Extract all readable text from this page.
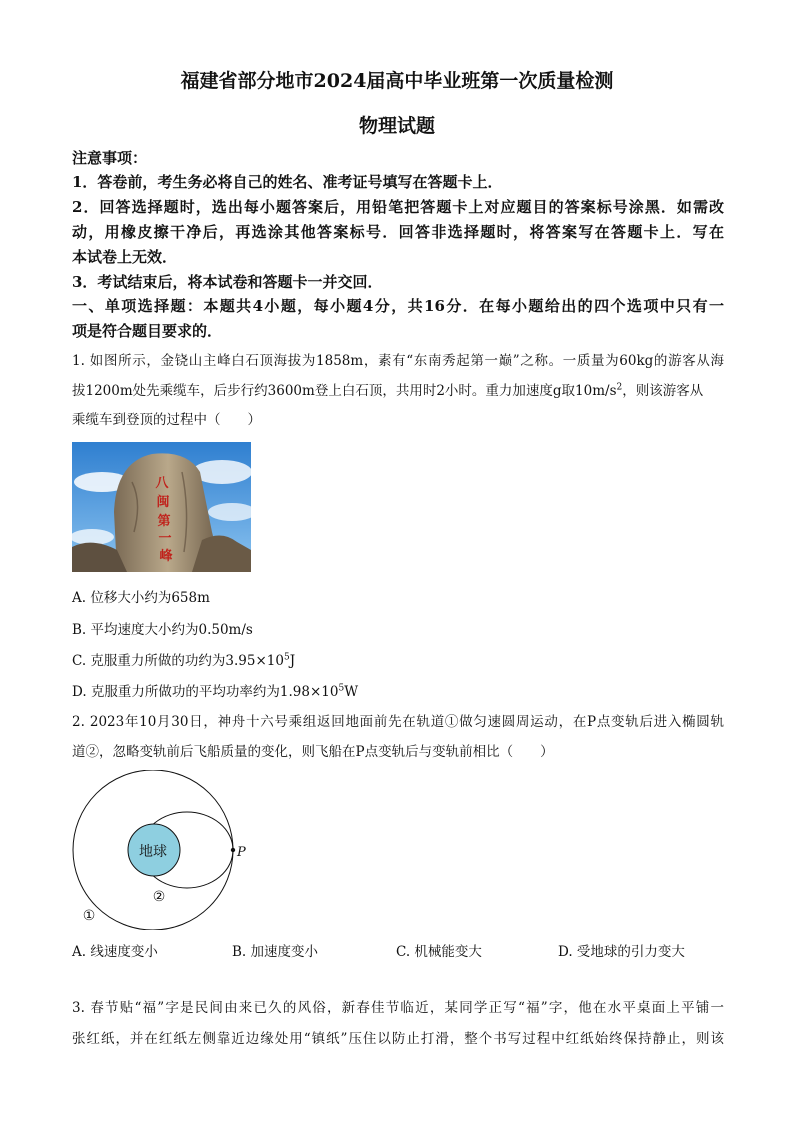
福建省部分地市2024届高中毕业班第一次质量检测
物理试题
注意事项：
1．答卷前，考生务必将自己的姓名、准考证号填写在答题卡上．
2．回答选择题时，选出每小题答案后，用铅笔把答题卡上对应题目的答案标号涂黑．如需改
动，用橡皮擦干净后，再选涂其他答案标号．回答非选择题时，将答案写在答题卡上．写在
本试卷上无效．
3．考试结束后，将本试卷和答题卡一并交回．
一、单项选择题：本题共4小题，每小题4分，共16分．在每小题给出的四个选项中只有一
项是符合题目要求的．
1. 如图所示，金铙山主峰白石顶海拔为1858m，素有“东南秀起第一巅”之称。一质量为60kg的游客从海
拔1200m处先乘缆车，后步行约3600m登上白石顶，共用时2小时。重力加速度g取$10m/s^2$，则该游客从
乘缆车到登顶的过程中（　　）
八
闽
第
一
峰
A. 位移大小约为658m
B. 平均速度大小约为0.50m/s
C. 克服重力所做的功约为$3.95\times 10^5J$
D. 克服重力所做功的平均功率约为$1.98\times 10^5W$
2. 2023年10月30日，神舟十六号乘组返回地面前先在轨道①做匀速圆周运动，在P点变轨后进入椭圆轨
道②，忽略变轨前后飞船质量的变化，则飞船在P点变轨后与变轨前相比（　　）
地球	P
②
①
A. 线速度变小	B. 加速度变小	C. 机械能变大	D. 受地球的引力变大
3. 春节贴“福”字是民间由来已久的风俗，新春佳节临近，某同学正写“福”字，他在水平桌面上平铺一
张红纸，并在红纸左侧靠近边缘处用“镇纸”压住以防止打滑，整个书写过程中红纸始终保持静止，则该
